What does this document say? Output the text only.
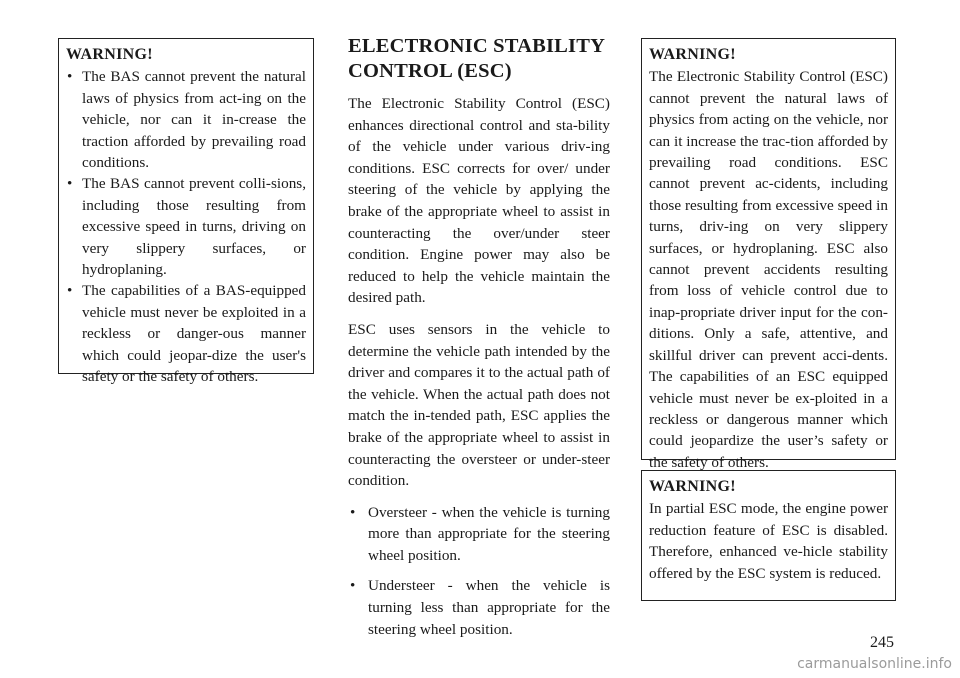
WARNING!
• The BAS cannot prevent the natural laws of physics from act-ing on the vehicle, nor can it in-crease the traction afforded by prevailing road conditions.
• The BAS cannot prevent colli-sions, including those resulting from excessive speed in turns, driving on very slippery surfaces, or hydroplaning.
• The capabilities of a BAS-equipped vehicle must never be exploited in a reckless or danger-ous manner which could jeopar-dize the user's safety or the safety of others.
ELECTRONIC STABILITY CONTROL (ESC)

The Electronic Stability Control (ESC) enhances directional control and sta-bility of the vehicle under various driv-ing conditions. ESC corrects for over/ under steering of the vehicle by applying the brake of the appropriate wheel to assist in counteracting the over/under steer condition. Engine power may also be reduced to help the vehicle maintain the desired path.

ESC uses sensors in the vehicle to determine the vehicle path intended by the driver and compares it to the actual path of the vehicle. When the actual path does not match the in-tended path, ESC applies the brake of the appropriate wheel to assist in counteracting the oversteer or under-steer condition.

• Oversteer - when the vehicle is turning more than appropriate for the steering wheel position.
• Understeer - when the vehicle is turning less than appropriate for the steering wheel position.
WARNING!

The Electronic Stability Control (ESC) cannot prevent the natural laws of physics from acting on the vehicle, nor can it increase the trac-tion afforded by prevailing road conditions. ESC cannot prevent ac-cidents, including those resulting from excessive speed in turns, driv-ing on very slippery surfaces, or hydroplaning. ESC also cannot prevent accidents resulting from loss of vehicle control due to inap-propriate driver input for the con-ditions. Only a safe, attentive, and skillful driver can prevent acci-dents. The capabilities of an ESC equipped vehicle must never be ex-ploited in a reckless or dangerous manner which could jeopardize the user’s safety or the safety of others.

WARNING!

In partial ESC mode, the engine power reduction feature of ESC is disabled. Therefore, enhanced ve-hicle stability offered by the ESC system is reduced.

245
carmanualsonline.info
